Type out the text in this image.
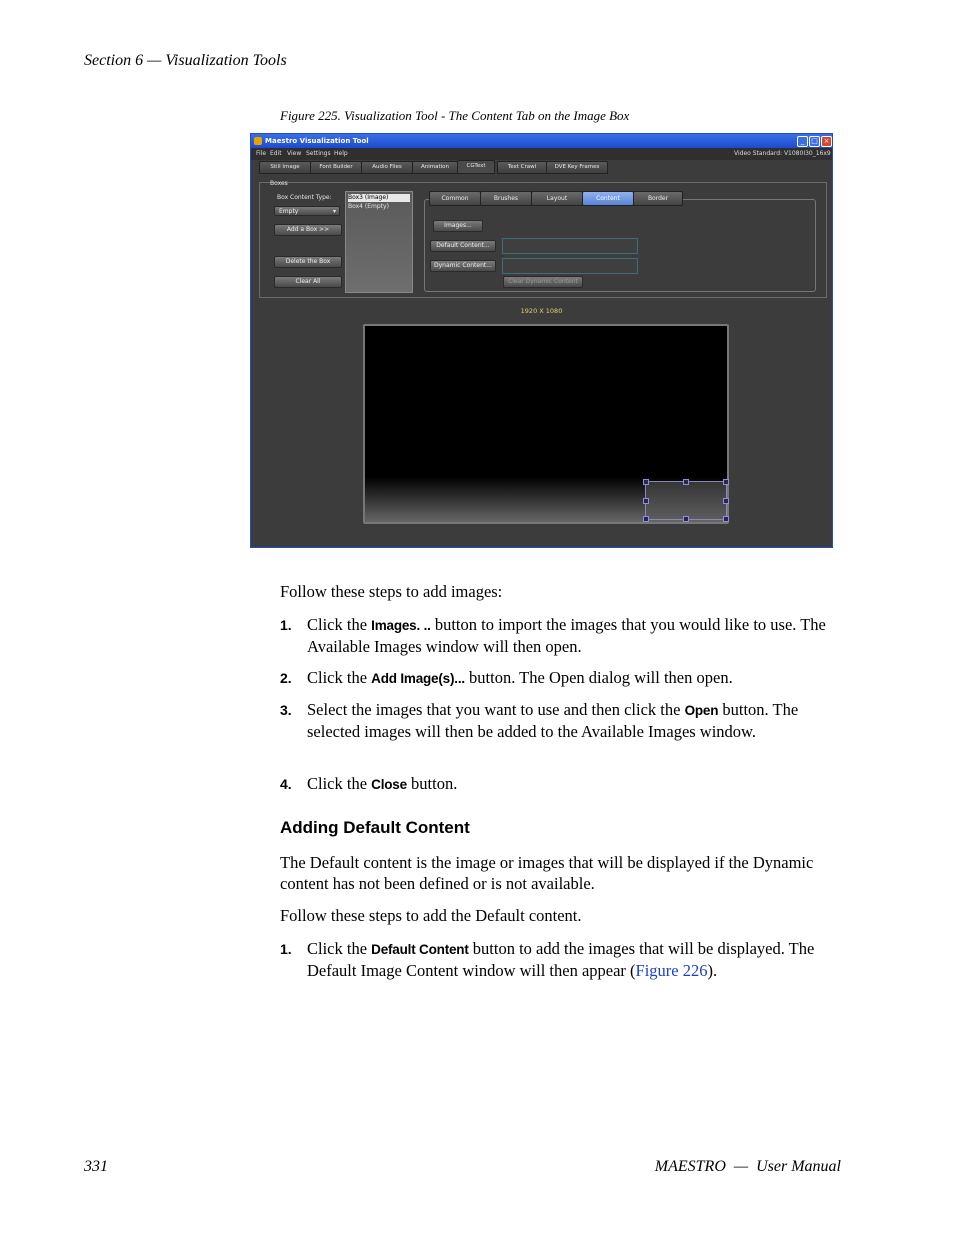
Section 6 — Visualization Tools
Figure 225. Visualization Tool - The Content Tab on the Image Box
Maestro Visualization Tool	_ □ ×
File Edit View Settings Help	Video Standard: V1080I30_16x9
Still Image	Font Builder	Audio Files	Animation	CGText	Text Crawl	DVE Key Frames
Boxes
Box Content Type:
Empty	▾
Add a Box >>
Delete the Box
Clear All
Box3 (Image)
Box4 (Empty)
Common	Brushes	Layout	Content	Border
Images...
Default Content...
Dynamic Content...
Clear Dynamic Content
1920 X 1080
Follow these steps to add images:
1. Click the Images. .. button to import the images that you would like to use. The Available Images window will then open.
2. Click the Add Image(s)... button. The Open dialog will then open.
3. Select the images that you want to use and then click the Open button. The selected images will then be added to the Available Images window.
4. Click the Close button.
Adding Default Content
The Default content is the image or images that will be displayed if the Dynamic content has not been defined or is not available.
Follow these steps to add the Default content.
1. Click the Default Content button to add the images that will be displayed. The Default Image Content window will then appear (Figure 226).
331	MAESTRO  —  User Manual
